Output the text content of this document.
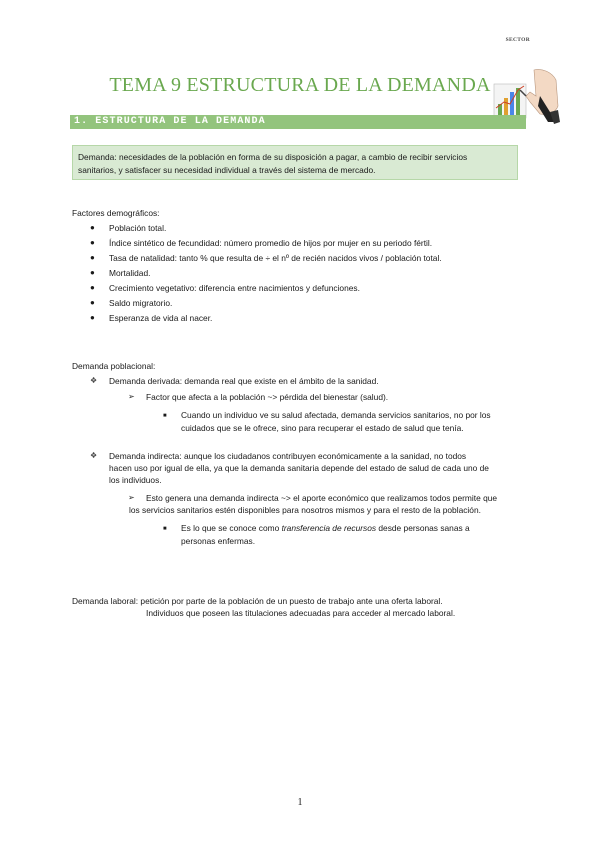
SECTOR
TEMA 9 ESTRUCTURA DE LA DEMANDA
1. ESTRUCTURA DE LA DEMANDA
Demanda: necesidades de la población en forma de su disposición a pagar, a cambio de recibir servicios
sanitarios, y satisfacer su necesidad individual a través del sistema de mercado.
Factores demográficos:
● Población total.
● Índice sintético de fecundidad: número promedio de hijos por mujer en su periodo fértil.
● Tasa de natalidad: tanto % que resulta de ÷ el nº de recién nacidos vivos / población total.
● Mortalidad.
● Crecimiento vegetativo: diferencia entre nacimientos y defunciones.
● Saldo migratorio.
● Esperanza de vida al nacer.
Demanda poblacional:
❖ Demanda derivada: demanda real que existe en el ámbito de la sanidad.
➢ Factor que afecta a la población ~> pérdida del bienestar (salud).
■ Cuando un individuo ve su salud afectada, demanda servicios sanitarios, no por los
cuidados que se le ofrece, sino para recuperar el estado de salud que tenía.
❖ Demanda indirecta: aunque los ciudadanos contribuyen económicamente a la sanidad, no todos
hacen uso por igual de ella, ya que la demanda sanitaria depende del estado de salud de cada uno de
los individuos.
➢ Esto genera una demanda indirecta ~> el aporte económico que realizamos todos permite que
los servicios sanitarios estén disponibles para nosotros mismos y para el resto de la población.
■ Es lo que se conoce como transferencia de recursos desde personas sanas a
personas enfermas.
Demanda laboral: petición por parte de la población de un puesto de trabajo ante una oferta laboral.
Individuos que poseen las titulaciones adecuadas para acceder al mercado laboral.
1
